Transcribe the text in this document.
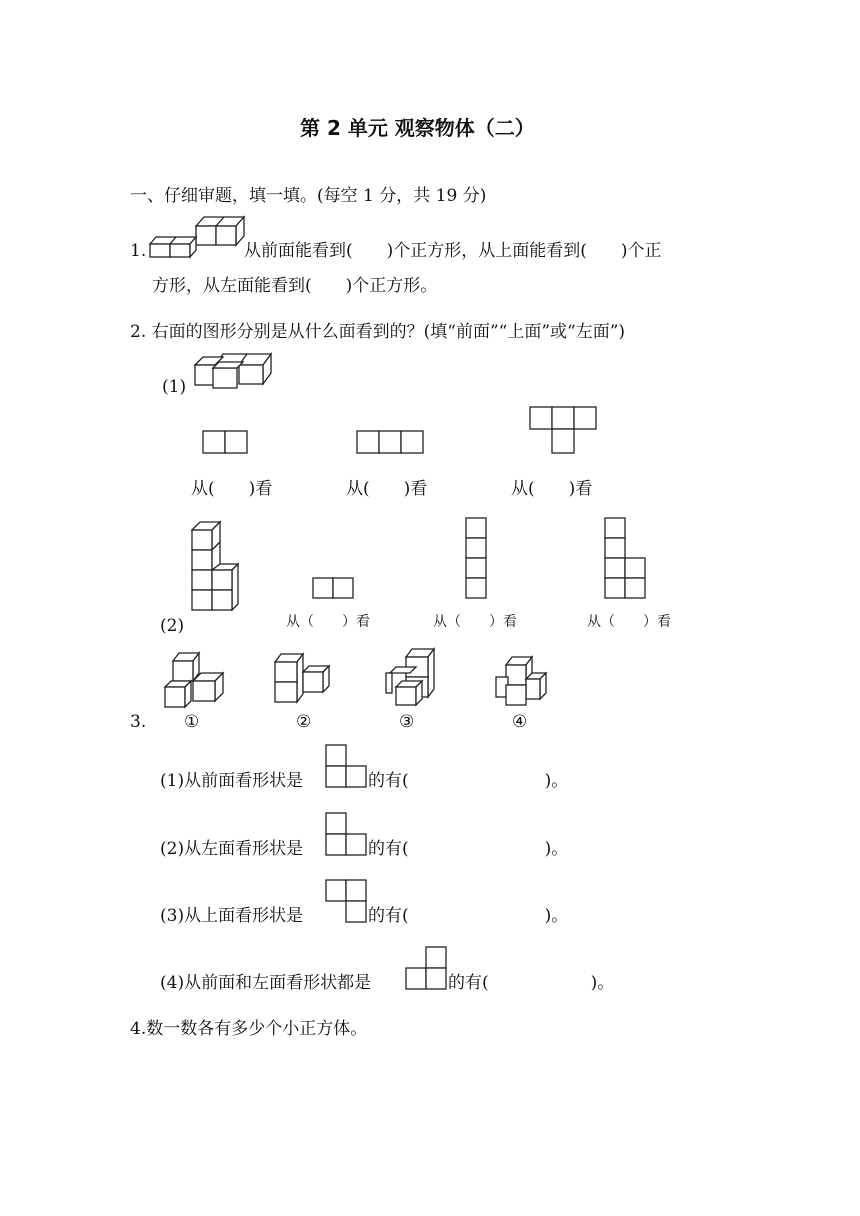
第 2 单元 观察物体（二）
一、仔细审题，填一填。(每空 1 分，共 19 分)
1.	从前面能看到(　　)个正方形，从上面能看到(　　)个正
方形，从左面能看到(　　)个正方形。
2. 右面的图形分别是从什么面看到的？(填“前面”“上面”或“左面”)
(1)
从(　　)看	从(　　)看	从(　　)看
(2)	从（　　）看	从（　　）看	从（　　）看
3. ①	②	③	④
(1)从前面看形状是	的有(　　　　　　　　)。
(2)从左面看形状是	的有(　　　　　　　　)。
(3)从上面看形状是	的有(　　　　　　　　)。
(4)从前面和左面看形状都是	的有(　　　　　　)。
4.数一数各有多少个小正方体。
